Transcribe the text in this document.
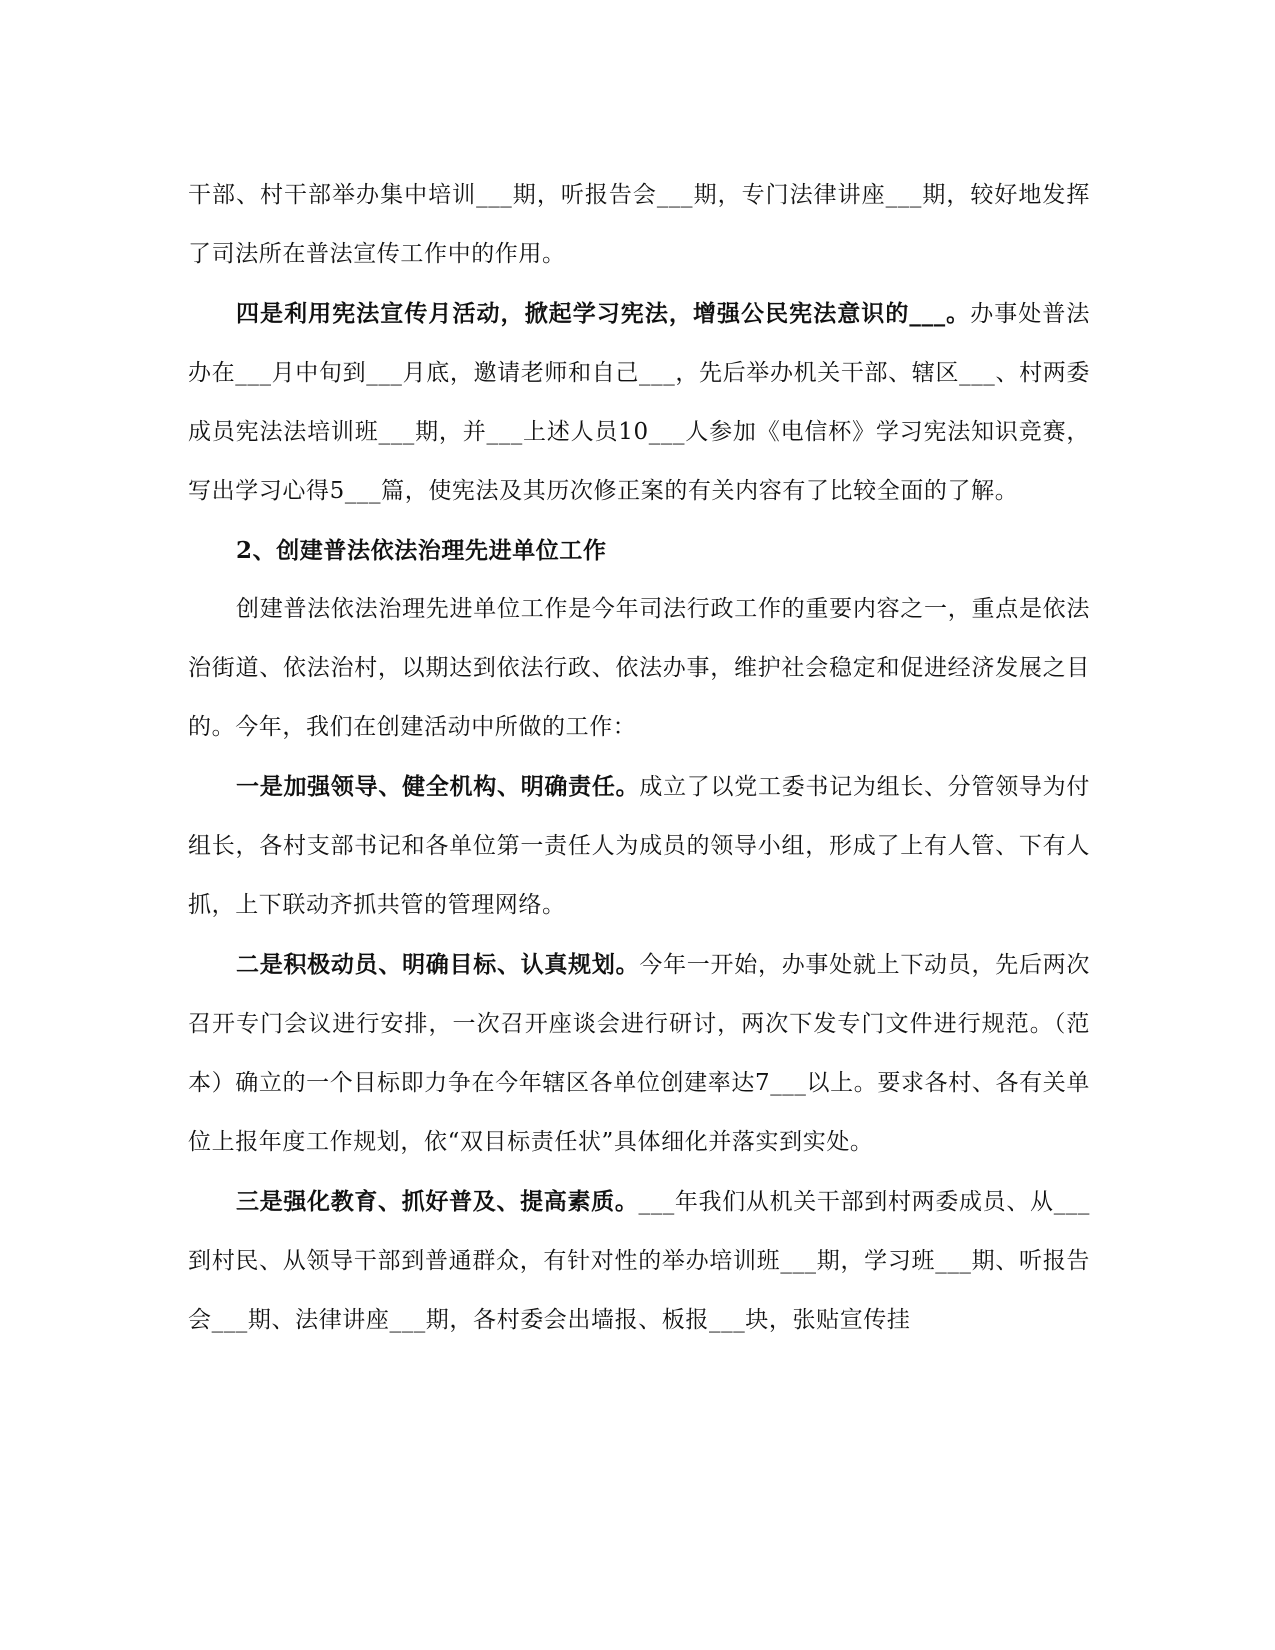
干部、村干部举办集中培训___期，听报告会___期，专门法律讲座___期，较好地发挥了司法所在普法宣传工作中的作用。

四是利用宪法宣传月活动，掀起学习宪法，增强公民宪法意识的___。办事处普法办在___月中旬到___月底，邀请老师和自己___，先后举办机关干部、辖区___、村两委成员宪法法培训班___期，并___上述人员10___人参加《电信杯》学习宪法知识竞赛，写出学习心得5___篇，使宪法及其历次修正案的有关内容有了比较全面的了解。

2、创建普法依法治理先进单位工作

创建普法依法治理先进单位工作是今年司法行政工作的重要内容之一，重点是依法治街道、依法治村，以期达到依法行政、依法办事，维护社会稳定和促进经济发展之目的。今年，我们在创建活动中所做的工作：

一是加强领导、健全机构、明确责任。成立了以党工委书记为组长、分管领导为付组长，各村支部书记和各单位第一责任人为成员的领导小组，形成了上有人管、下有人抓，上下联动齐抓共管的管理网络。

二是积极动员、明确目标、认真规划。今年一开始，办事处就上下动员，先后两次召开专门会议进行安排，一次召开座谈会进行研讨，两次下发专门文件进行规范。（范本）确立的一个目标即力争在今年辖区各单位创建率达7___以上。要求各村、各有关单位上报年度工作规划，依“双目标责任状”具体细化并落实到实处。

三是强化教育、抓好普及、提高素质。___年我们从机关干部到村两委成员、从___到村民、从领导干部到普通群众，有针对性的举办培训班___期，学习班___期、听报告会___期、法律讲座___期，各村委会出墙报、板报___块，张贴宣传挂
